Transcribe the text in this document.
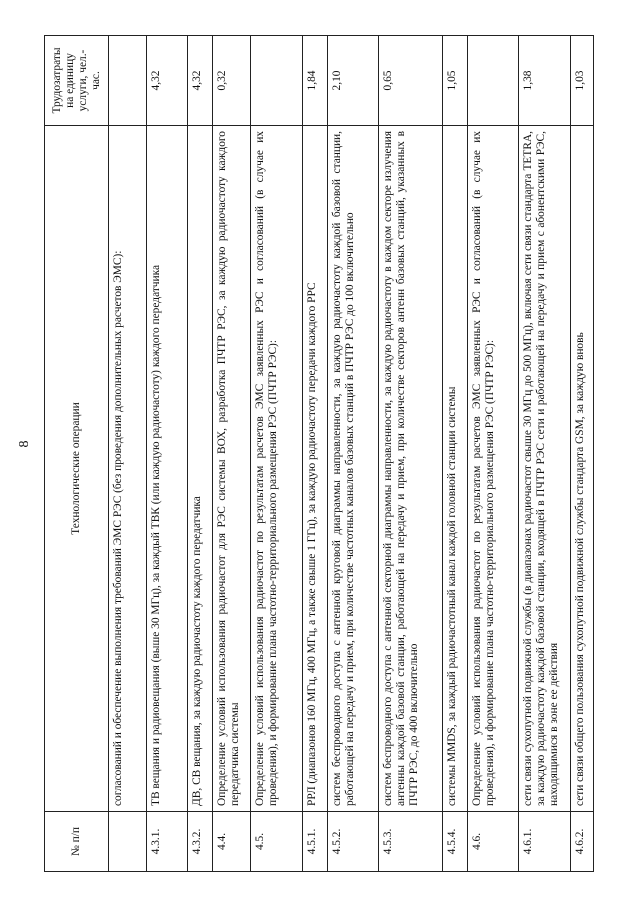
8
№ п/п	Технологические операции	Трудозатраты на единицу услуги, чел.-час.
	согласований и обеспечение выполнения требований ЭМС РЭС (без проведения дополнительных расчетов ЭМС):	
4.3.1.	ТВ вещания и радиовещания (выше 30 МГц), за каждый ТВК (или каждую радиочастоту) каждого передатчика	4,32
4.3.2.	ДВ, СВ вещания, за каждую радиочастоту каждого передатчика	4,32
4.4.	Определение условий использования радиочастот для РЭС системы ВОХ, разработка ПЧТР РЭС, за каждую радиочастоту каждого передатчика системы	0,32
4.5.	Определение условий использования радиочастот по результатам расчетов ЭМС заявленных РЭС и согласований (в случае их проведения), и формирование плана частотно-территориального размещения РЭС (ПЧТР РЭС):	
4.5.1.	РРЛ (диапазонов 160 МГц, 400 МГц, а также свыше 1 ГГц), за каждую радиочастоту передачи каждого РРС	1,84
4.5.2.	систем беспроводного доступа с антенной круговой диаграммы направленности, за каждую радиочастоту каждой базовой станции, работающей на передачу и прием, при количестве частотных каналов базовых станций в ПЧТР РЭС до 100 включительно	2,10
4.5.3.	систем беспроводного доступа с антенной секторной диаграммы направленности, за каждую радиочастоту в каждом секторе излучения антенны каждой базовой станции, работающей на передачу и прием, при количестве секторов антенн базовых станций, указанных в ПЧТР РЭС, до 400 включительно	0,65
4.5.4.	системы MMDS, за каждый радиочастотный канал каждой головной станции системы	1,05
4.6.	Определение условий использования радиочастот по результатам расчетов ЭМС заявленных РЭС и согласований (в случае их проведения), и формирование плана частотно-территориального размещения РЭС (ПЧТР РЭС):	
4.6.1.	сети связи сухопутной подвижной службы (в диапазонах радиочастот свыше 30 МГц до 500 МГц), включая сети связи стандарта TETRA, за каждую радиочастоту каждой базовой станции, входящей в ПЧТР РЭС сети и работающей на передачу и прием с абонентскими РЭС, находящимися в зоне ее действия	1,38
4.6.2.	сети связи общего пользования сухопутной подвижной службы стандарта GSM, за каждую вновь	1,03
